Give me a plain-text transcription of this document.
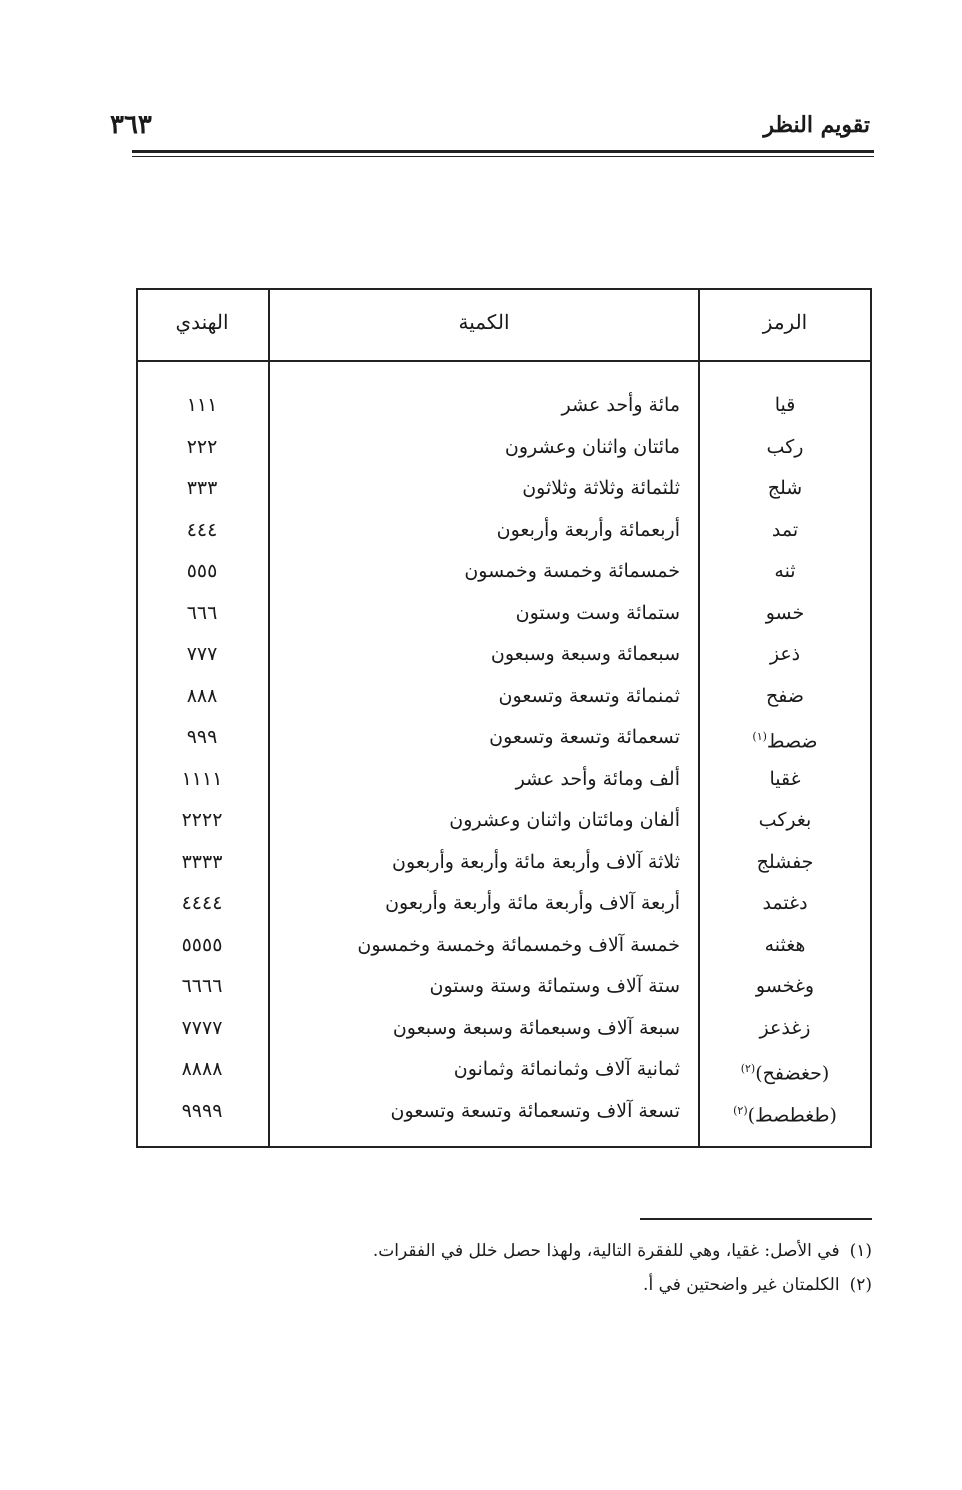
تقويم النظر
٣٦٣
الرمز
الكمية
الهندي
قيا
مائة وأحد عشر
١١١
ركب
مائتان واثنان وعشرون
٢٢٢
شلج
ثلثمائة وثلاثة وثلاثون
٣٣٣
تمد
أربعمائة وأربعة وأربعون
٤٤٤
ثنه
خمسمائة وخمسة وخمسون
٥٥٥
خسو
ستمائة وست وستون
٦٦٦
ذعز
سبعمائة وسبعة وسبعون
٧٧٧
ضفح
ثمنمائة وتسعة وتسعون
٨٨٨
ضصط$^{(١)}$
تسعمائة وتسعة وتسعون
٩٩٩
غقيا
ألف ومائة وأحد عشر
١١١١
بغركب
ألفان ومائتان واثنان وعشرون
٢٢٢٢
جفشلج
ثلاثة آلاف وأربعة مائة وأربعة وأربعون
٣٣٣٣
دغتمد
أربعة آلاف وأربعة مائة وأربعة وأربعون
٤٤٤٤
هغثنه
خمسة آلاف وخمسمائة وخمسة وخمسون
٥٥٥٥
وغخسو
ستة آلاف وستمائة وستة وستون
٦٦٦٦
زغذعز
سبعة آلاف وسبعمائة وسبعة وسبعون
٧٧٧٧
(حغضفح)$^{(٢)}$
ثمانية آلاف وثمانمائة وثمانون
٨٨٨٨
(طغطصط)$^{(٢)}$
تسعة آلاف وتسعمائة وتسعة وتسعون
٩٩٩٩
(١)في الأصل: غقيا، وهي للفقرة التالية، ولهذا حصل خلل في الفقرات.
(٢)الكلمتان غير واضحتين في أ.
